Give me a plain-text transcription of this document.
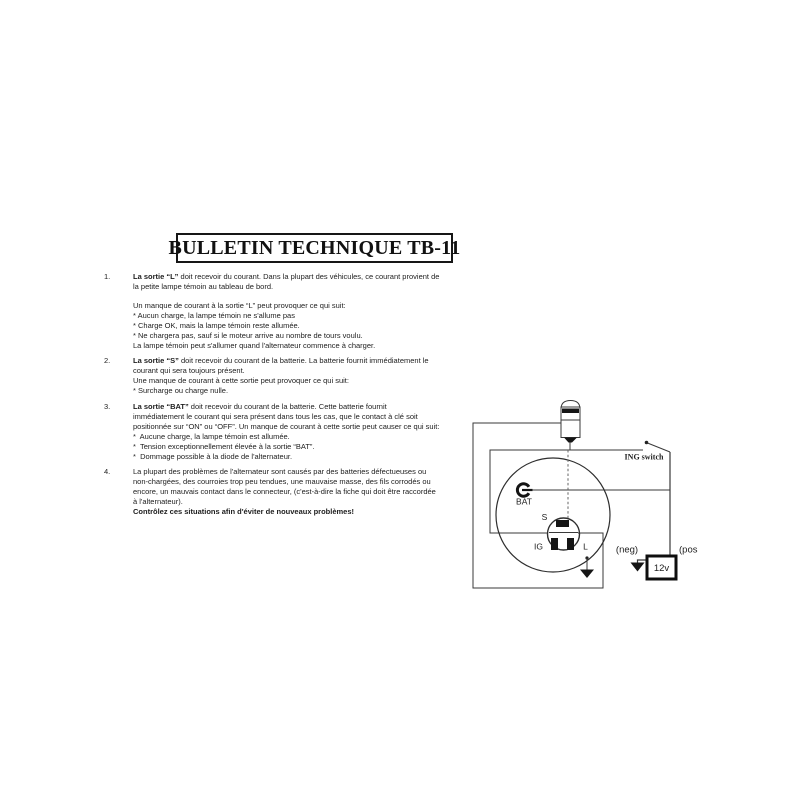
BULLETIN TECHNIQUE TB-11
1.	La sortie “L” doit recevoir du courant. Dans la plupart des véhicules, ce courant provient de
la petite lampe témoin au tableau de bord.
Un manque de courant à la sortie “L” peut provoquer ce qui suit:
* Aucun charge, la lampe témoin ne s'allume pas
* Charge OK, mais la lampe témoin reste allumée.
* Ne chargera pas, sauf si le moteur arrive au nombre de tours voulu.
La lampe témoin peut s'allumer quand l'alternateur commence à charger.
2.	La sortie “S” doit recevoir du courant de la batterie. La batterie fournit immédiatement le
courant qui sera toujours présent.
Une manque de courant à cette sortie peut provoquer ce qui suit:
* Surcharge ou charge nulle.
3.	La sortie “BAT” doit recevoir du courant de la batterie. Cette batterie fournit
immédiatement le courant qui sera présent dans tous les cas, que le contact à clé soit
positionnée sur “ON” ou “OFF”. Un manque de courant à cette sortie peut causer ce qui suit:
*  Aucune charge, la lampe témoin est allumée.
*  Tension exceptionnellement élevée à la sortie “BAT”.
*  Dommage possible à la diode de l'alternateur.
4.	La plupart des problèmes de l'alternateur sont causés par des batteries défectueuses ou
non-chargées, des courroies trop peu tendues, une mauvaise masse, des fils corrodés ou
encore, un mauvais contact dans le connecteur, (c'est-à-dire la fiche qui doit être raccordée
à l'alternateur).
Contrôlez ces situations afin d'éviter de nouveaux problèmes!
12v
ING switch
BAT
S
IG	L	(neg)	(pos
